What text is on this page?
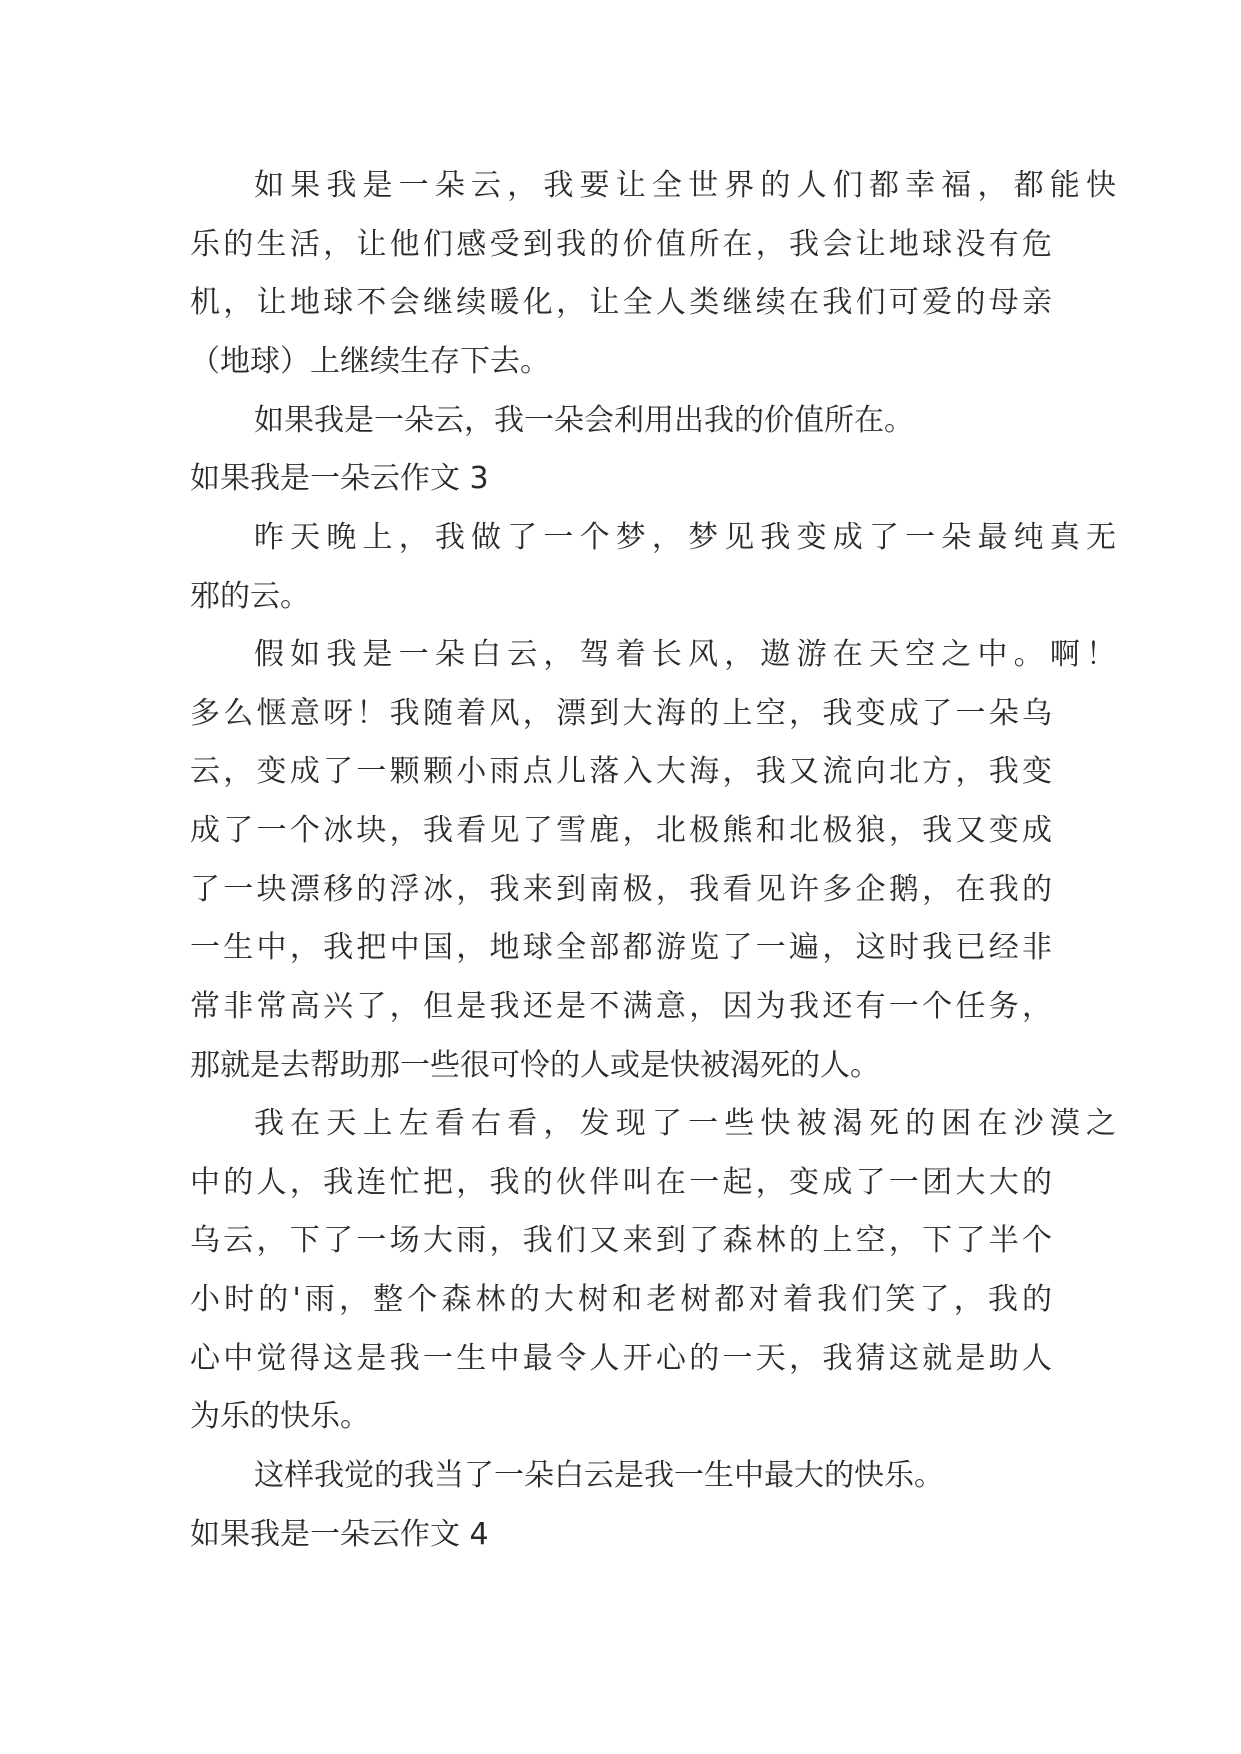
如果我是一朵云，我要让全世界的人们都幸福，都能快
乐的生活，让他们感受到我的价值所在，我会让地球没有危
机，让地球不会继续暖化，让全人类继续在我们可爱的母亲
（地球）上继续生存下去。
如果我是一朵云，我一朵会利用出我的价值所在。
如果我是一朵云作文 3
昨天晚上，我做了一个梦，梦见我变成了一朵最纯真无
邪的云。
假如我是一朵白云，驾着长风，遨游在天空之中。啊！
多么惬意呀！我随着风，漂到大海的上空，我变成了一朵乌
云，变成了一颗颗小雨点儿落入大海，我又流向北方，我变
成了一个冰块，我看见了雪鹿，北极熊和北极狼，我又变成
了一块漂移的浮冰，我来到南极，我看见许多企鹅，在我的
一生中，我把中国，地球全部都游览了一遍，这时我已经非
常非常高兴了，但是我还是不满意，因为我还有一个任务，
那就是去帮助那一些很可怜的人或是快被渴死的人。
我在天上左看右看，发现了一些快被渴死的困在沙漠之
中的人，我连忙把，我的伙伴叫在一起，变成了一团大大的
乌云，下了一场大雨，我们又来到了森林的上空，下了半个
小时的'雨，整个森林的大树和老树都对着我们笑了，我的
心中觉得这是我一生中最令人开心的一天，我猜这就是助人
为乐的快乐。
这样我觉的我当了一朵白云是我一生中最大的快乐。
如果我是一朵云作文 4
